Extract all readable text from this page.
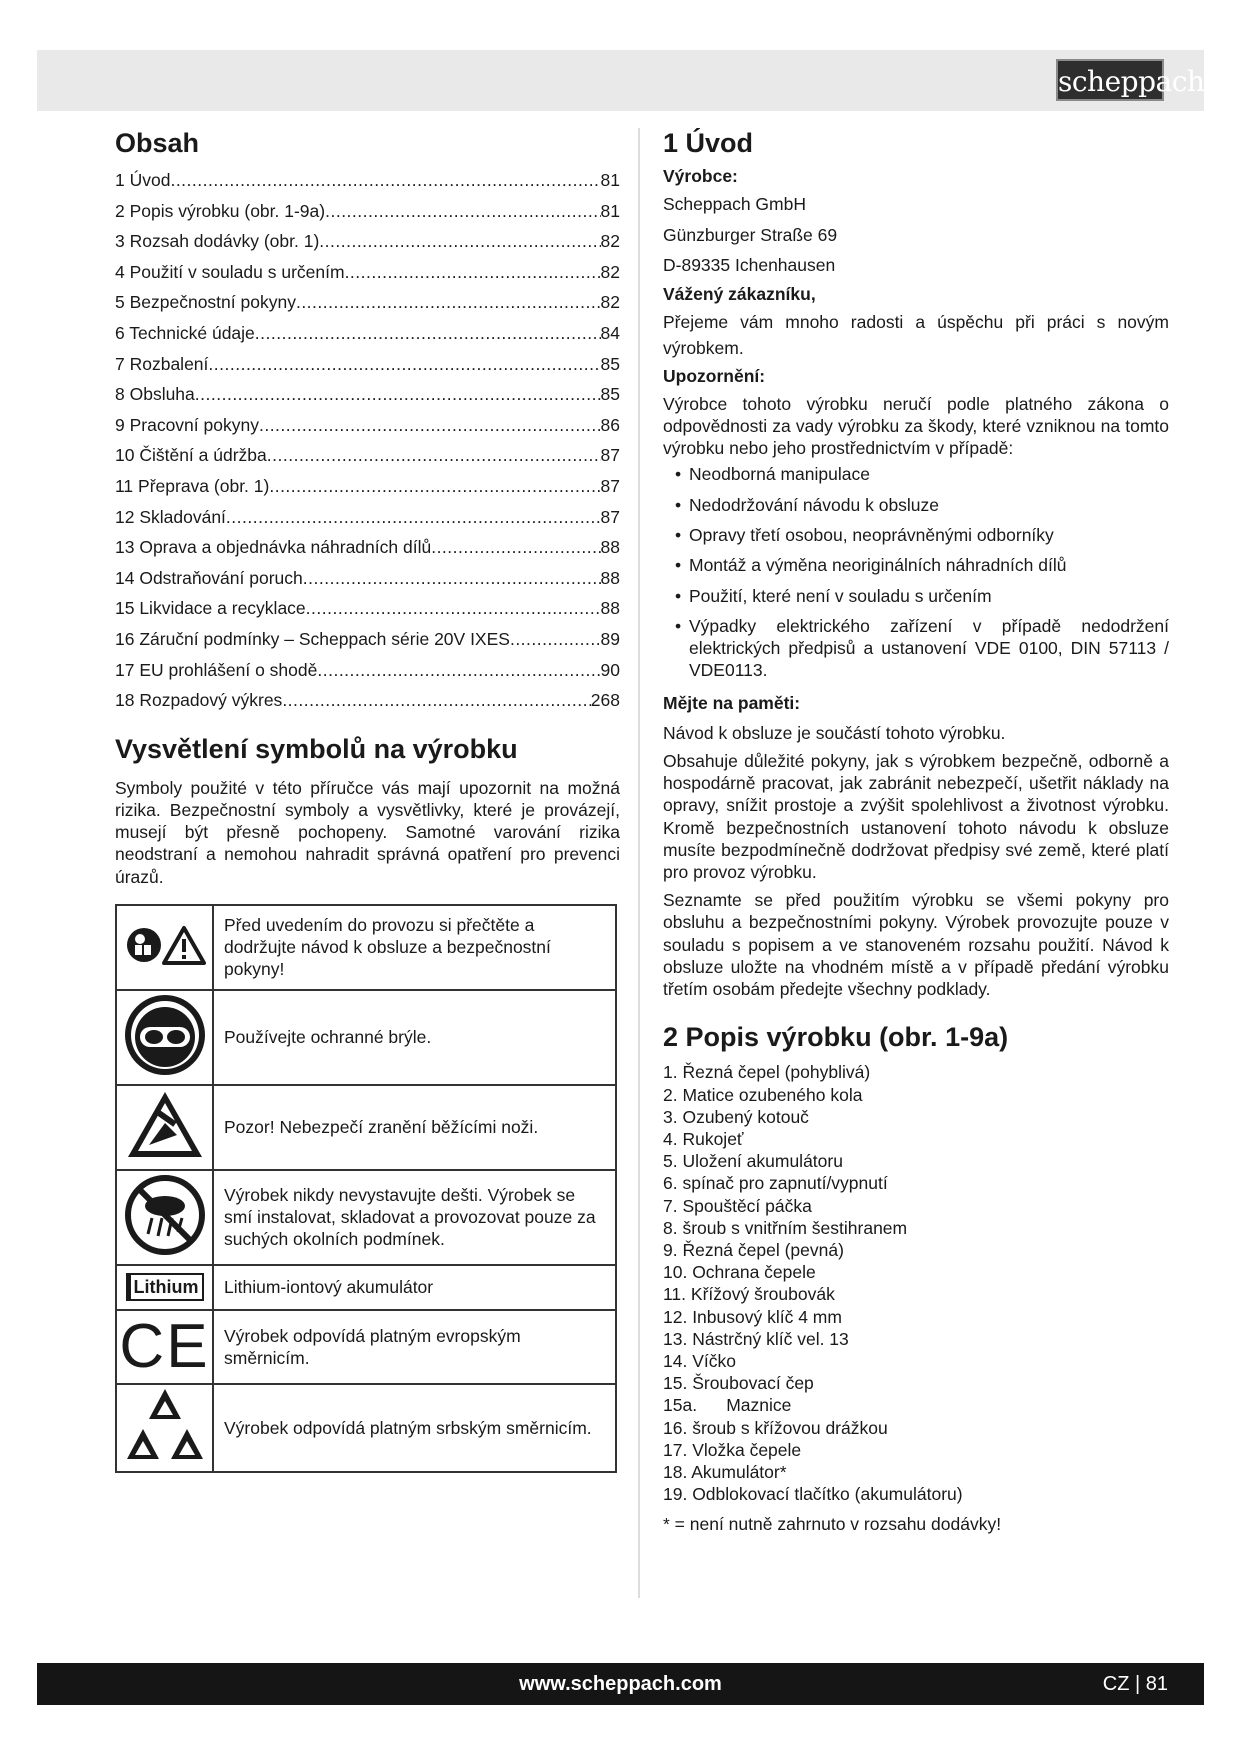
scheppach
Obsah
1 Úvod .....	81
2 Popis výrobku (obr. 1-9a) .....	81
3 Rozsah dodávky (obr. 1) .....	82
4 Použití v souladu s určením .....	82
5 Bezpečnostní pokyny .....	82
6 Technické údaje .....	84
7 Rozbalení .....	85
8 Obsluha .....	85
9 Pracovní pokyny .....	86
10 Čištění a údržba .....	87
11 Přeprava (obr. 1) .....	87
12 Skladování .....	87
13 Oprava a objednávka náhradních dílů .....	88
14 Odstraňování poruch .....	88
15 Likvidace a recyklace .....	88
16 Záruční podmínky – Scheppach série 20V IXES .....	89
17 EU prohlášení o shodě .....	90
18 Rozpadový výkres .....	268
Vysvětlení symbolů na výrobku

Symboly použité v této příručce vás mají upozornit na možná rizika. Bezpečnostní symboly a vysvětlivky, které je provázejí, musejí být přesně pochopeny. Samotné varování rizika neodstraní a nemohou nahradit správná opatření pro prevenci úrazů.

	Před uvedením do provozu si přečtěte a dodržujte návod k obsluze a bezpečnostní pokyny!
	Používejte ochranné brýle.
	Pozor! Nebezpečí zranění běžícími noži.
	Výrobek nikdy nevystavujte dešti. Výrobek se smí instalovat, skladovat a provozovat pouze za suchých okolních podmínek.
Lithium	Lithium-iontový akumulátor

CE	Výrobek odpovídá platným evropským směrnicím.
	Výrobek odpovídá platným srbským směrnicím.
1 Úvod
Výrobce:
Scheppach GmbH
Günzburger Straße 69
D-89335 Ichenhausen
Vážený zákazníku,

Přejeme vám mnoho radosti a úspěchu při práci s novým výrobkem.

Upozornění:

Výrobce tohoto výrobku neručí podle platného zákona o odpovědnosti za vady výrobku za škody, které vzniknou na tomto výrobku nebo jeho prostřednictvím v případě:

• Neodborná manipulace
• Nedodržování návodu k obsluze
• Opravy třetí osobou, neoprávněnými odborníky
• Montáž a výměna neoriginálních náhradních dílů
• Použití, které není v souladu s určením
• Výpadky elektrického zařízení v případě nedodržení elektrických předpisů a ustanovení VDE 0100, DIN 57113 / VDE0113.
Mějte na paměti:

Návod k obsluze je součástí tohoto výrobku.

Obsahuje důležité pokyny, jak s výrobkem bezpečně, odborně a hospodárně pracovat, jak zabránit nebezpečí, ušetřit náklady na opravy, snížit prostoje a zvýšit spolehlivost a životnost výrobku. Kromě bezpečnostních ustanovení tohoto návodu k obsluze musíte bezpodmínečně dodržovat předpisy své země, které platí pro provoz výrobku.

Seznamte se před použitím výrobku se všemi pokyny pro obsluhu a bezpečnostními pokyny. Výrobek provozujte pouze v souladu s popisem a ve stanoveném rozsahu použití. Návod k obsluze uložte na vhodném místě a v případě předání výrobku třetím osobám předejte všechny podklady.

2 Popis výrobku (obr. 1-9a)
1. Řezná čepel (pohyblivá)
2. Matice ozubeného kola
3. Ozubený kotouč
4. Rukojeť
5. Uložení akumulátoru
6. spínač pro zapnutí/vypnutí
7. Spouštěcí páčka
8. šroub s vnitřním šestihranem
9. Řezná čepel (pevná)
10. Ochrana čepele
11. Křížový šroubovák
12. Inbusový klíč 4 mm
13. Nástrčný klíč vel. 13
14. Víčko
15. Šroubovací čep
15a.      Maznice
16. šroub s křížovou drážkou
17. Vložka čepele
18. Akumulátor*
19. Odblokovací tlačítko (akumulátoru)

* = není nutně zahrnuto v rozsahu dodávky!

www.scheppach.com	CZ | 81
